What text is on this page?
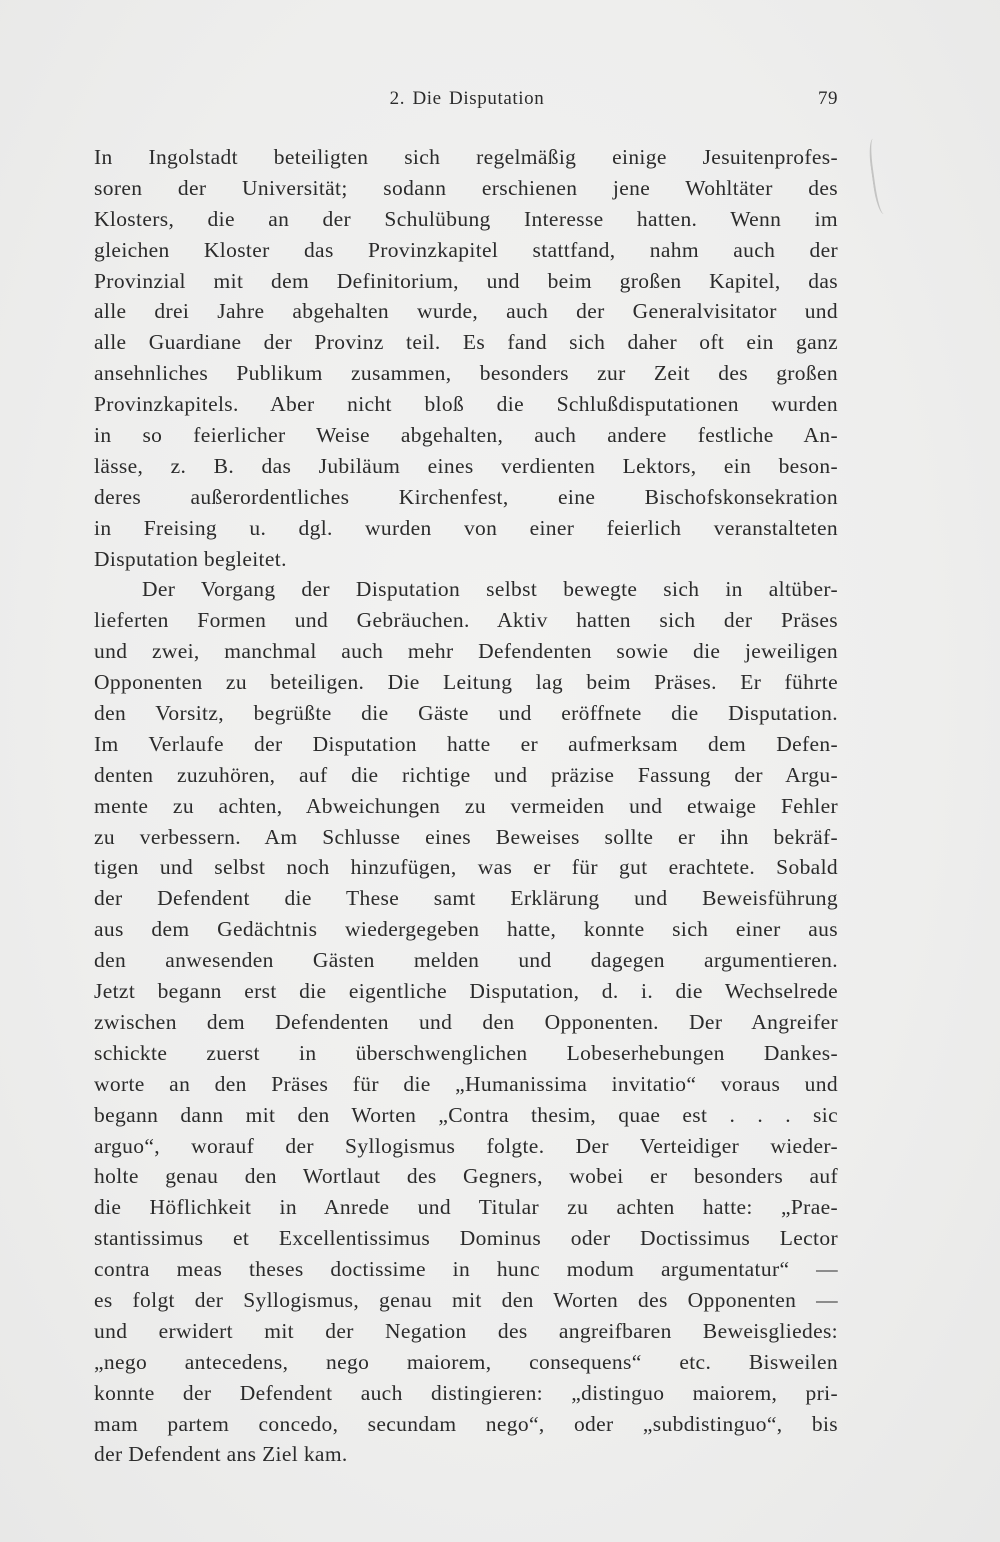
2. Die Disputation	79
In Ingolstadt beteiligten sich regelmäßig einige Jesuitenprofes-
soren der Universität; sodann erschienen jene Wohltäter des
Klosters, die an der Schulübung Interesse hatten. Wenn im
gleichen Kloster das Provinzkapitel stattfand, nahm auch der
Provinzial mit dem Definitorium, und beim großen Kapitel, das
alle drei Jahre abgehalten wurde, auch der Generalvisitator und
alle Guardiane der Provinz teil. Es fand sich daher oft ein ganz
ansehnliches Publikum zusammen, besonders zur Zeit des großen
Provinzkapitels. Aber nicht bloß die Schlußdisputationen wurden
in so feierlicher Weise abgehalten, auch andere festliche An-
lässe, z. B. das Jubiläum eines verdienten Lektors, ein beson-
deres außerordentliches Kirchenfest, eine Bischofskonsekration
in Freising u. dgl. wurden von einer feierlich veranstalteten
Disputation begleitet.
Der Vorgang der Disputation selbst bewegte sich in altüber-
lieferten Formen und Gebräuchen. Aktiv hatten sich der Präses
und zwei, manchmal auch mehr Defendenten sowie die jeweiligen
Opponenten zu beteiligen. Die Leitung lag beim Präses. Er führte
den Vorsitz, begrüßte die Gäste und eröffnete die Disputation.
Im Verlaufe der Disputation hatte er aufmerksam dem Defen-
denten zuzuhören, auf die richtige und präzise Fassung der Argu-
mente zu achten, Abweichungen zu vermeiden und etwaige Fehler
zu verbessern. Am Schlusse eines Beweises sollte er ihn bekräf-
tigen und selbst noch hinzufügen, was er für gut erachtete. Sobald
der Defendent die These samt Erklärung und Beweisführung
aus dem Gedächtnis wiedergegeben hatte, konnte sich einer aus
den anwesenden Gästen melden und dagegen argumentieren.
Jetzt begann erst die eigentliche Disputation, d. i. die Wechselrede
zwischen dem Defendenten und den Opponenten. Der Angreifer
schickte zuerst in überschwenglichen Lobeserhebungen Dankes-
worte an den Präses für die „Humanissima invitatio“ voraus und
begann dann mit den Worten „Contra thesim, quae est . . . sic
arguo“, worauf der Syllogismus folgte. Der Verteidiger wieder-
holte genau den Wortlaut des Gegners, wobei er besonders auf
die Höflichkeit in Anrede und Titular zu achten hatte: „Prae-
stantissimus et Excellentissimus Dominus oder Doctissimus Lector
contra meas theses doctissime in hunc modum argumentatur“ —
es folgt der Syllogismus, genau mit den Worten des Opponenten —
und erwidert mit der Negation des angreifbaren Beweisgliedes:
„nego antecedens, nego maiorem, consequens“ etc. Bisweilen
konnte der Defendent auch distingieren: „distinguo maiorem, pri-
mam partem concedo, secundam nego“, oder „subdistinguo“, bis
der Defendent ans Ziel kam.
